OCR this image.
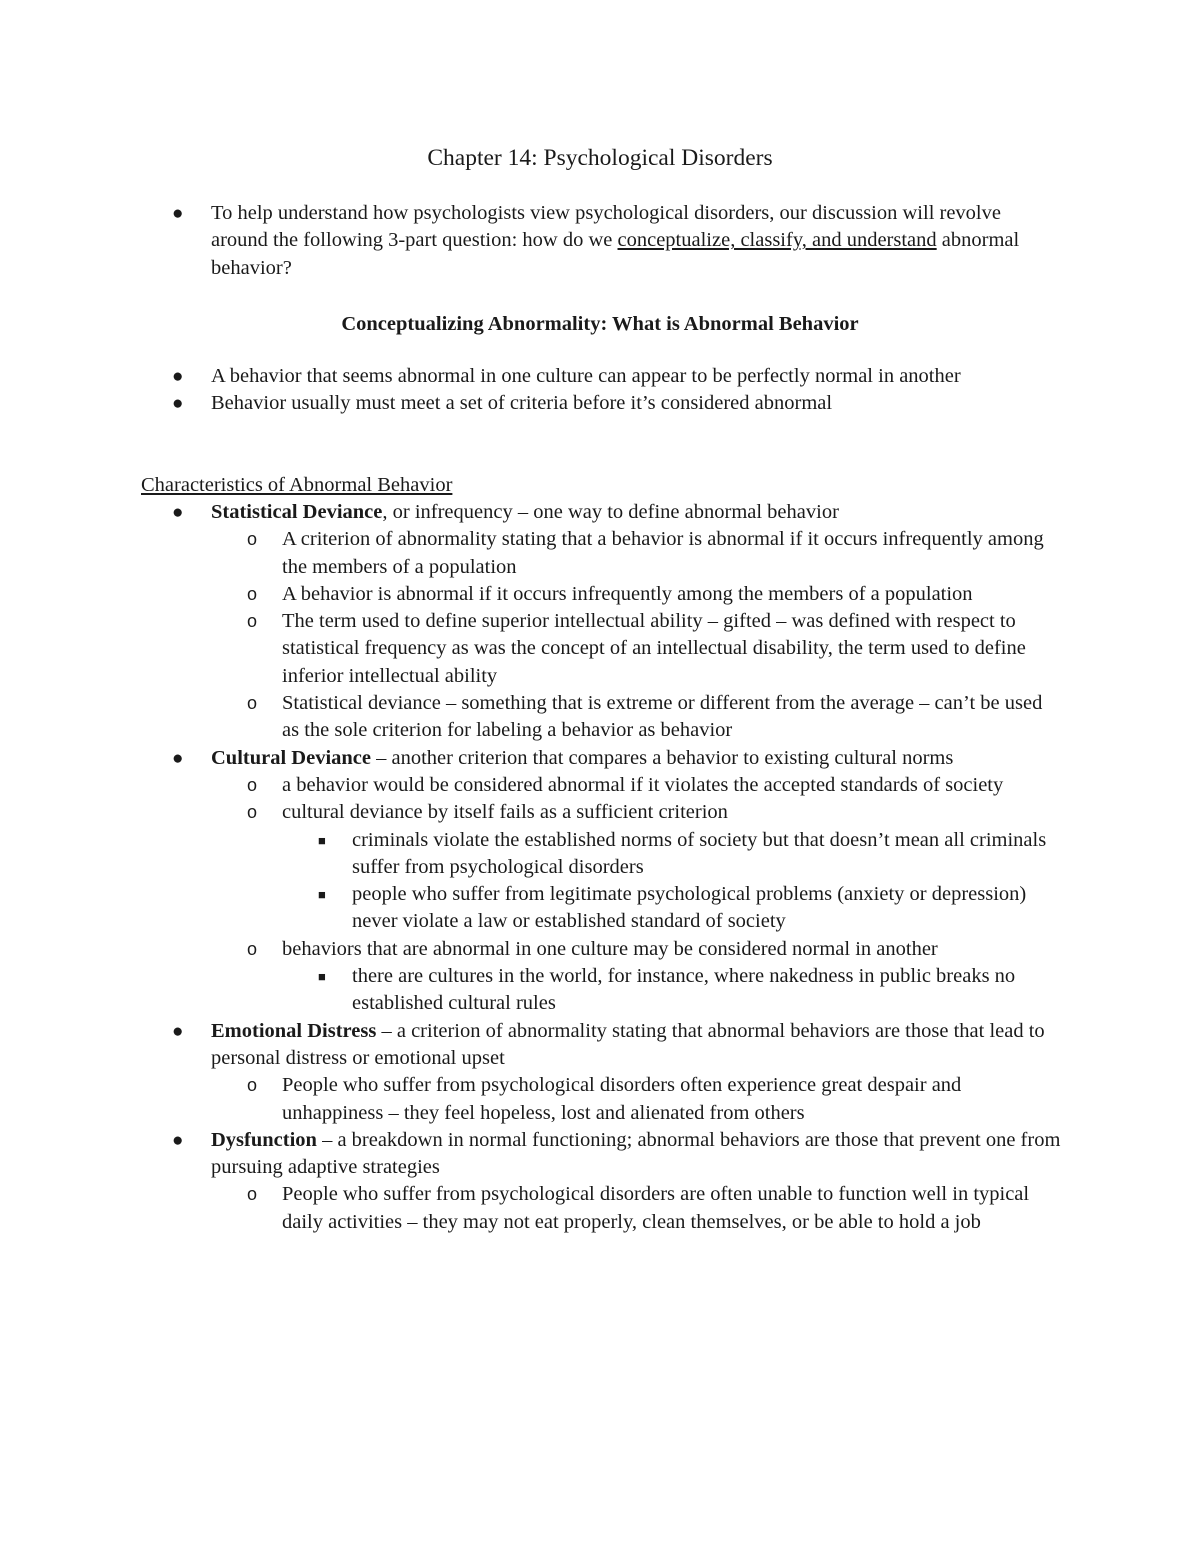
Chapter 14: Psychological Disorders
● To help understand how psychologists view psychological disorders, our discussion will revolve around the following 3-part question: how do we conceptualize, classify, and understand abnormal behavior?
Conceptualizing Abnormality: What is Abnormal Behavior
● A behavior that seems abnormal in one culture can appear to be perfectly normal in another
● Behavior usually must meet a set of criteria before it’s considered abnormal
Characteristics of Abnormal Behavior
● Statistical Deviance, or infrequency – one way to define abnormal behavior
o A criterion of abnormality stating that a behavior is abnormal if it occurs infrequently among the members of a population
o A behavior is abnormal if it occurs infrequently among the members of a population
o The term used to define superior intellectual ability – gifted – was defined with respect to statistical frequency as was the concept of an intellectual disability, the term used to define inferior intellectual ability
o Statistical deviance – something that is extreme or different from the average – can’t be used as the sole criterion for labeling a behavior as behavior
● Cultural Deviance – another criterion that compares a behavior to existing cultural norms
o a behavior would be considered abnormal if it violates the accepted standards of society
o cultural deviance by itself fails as a sufficient criterion
■ criminals violate the established norms of society but that doesn’t mean all criminals suffer from psychological disorders
■ people who suffer from legitimate psychological problems (anxiety or depression) never violate a law or established standard of society
o behaviors that are abnormal in one culture may be considered normal in another
■ there are cultures in the world, for instance, where nakedness in public breaks no established cultural rules
● Emotional Distress – a criterion of abnormality stating that abnormal behaviors are those that lead to personal distress or emotional upset
o People who suffer from psychological disorders often experience great despair and unhappiness – they feel hopeless, lost and alienated from others
● Dysfunction – a breakdown in normal functioning; abnormal behaviors are those that prevent one from pursuing adaptive strategies
o People who suffer from psychological disorders are often unable to function well in typical daily activities – they may not eat properly, clean themselves, or be able to hold a job
